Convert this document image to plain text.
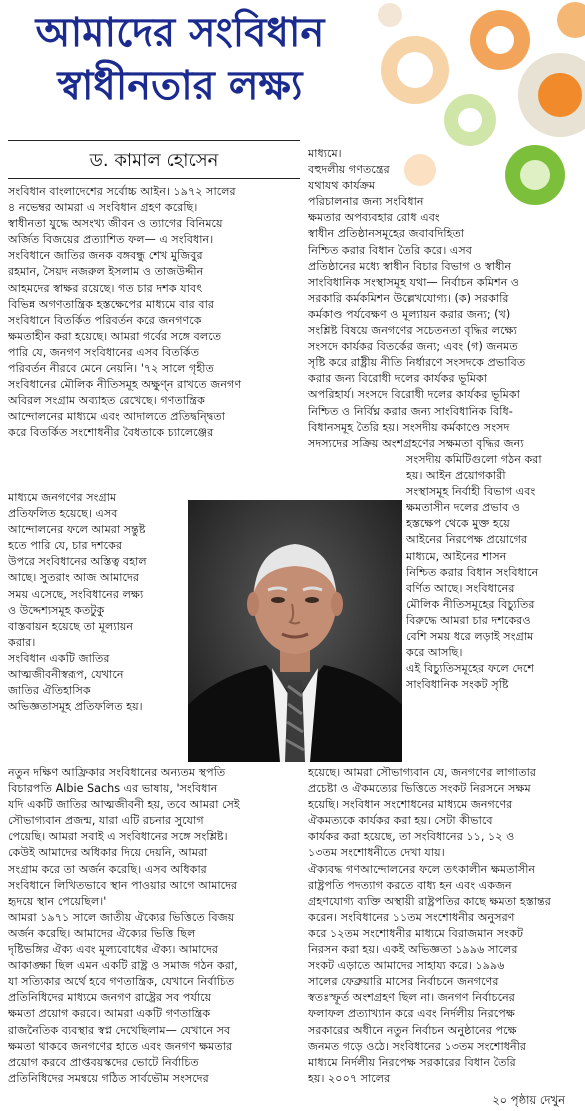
আমাদের সংবিধান
স্বাধীনতার লক্ষ্য
ড. কামাল হোসেন
সংবিধান বাংলাদেশের সর্বোচ্চ আইন। ১৯৭২ সালের
৪ নভেম্বর আমরা এ সংবিধান গ্রহণ করেছি।
স্বাধীনতা যুদ্ধে অসংখ্য জীবন ও ত্যাগের বিনিময়ে
অর্জিত বিজয়ের প্রত্যাশিত ফল— এ সংবিধান।
সংবিধানে জাতির জনক বঙ্গবন্ধু শেখ মুজিবুর
রহমান, সৈয়দ নজরুল ইসলাম ও তাজউদ্দীন
আহমদের স্বাক্ষর রয়েছে। গত চার দশক যাবৎ
বিভিন্ন অগণতান্ত্রিক হস্তক্ষেপের মাধ্যমে বার বার
সংবিধানে বিতর্কিত পরিবর্তন করে জনগণকে
ক্ষমতাহীন করা হয়েছে। আমরা গর্বের সঙ্গে বলতে
পারি যে, জনগণ সংবিধানের এসব বিতর্কিত
পরিবর্তন নীরবে মেনে নেয়নি। '৭২ সালে গৃহীত
সংবিধানের মৌলিক নীতিসমূহ অক্ষুণ্ন রাখতে জনগণ
অবিরল সংগ্রাম অব্যাহত রেখেছে। গণতান্ত্রিক
আন্দোলনের মাধ্যমে এবং আদালতে প্রতিদ্বন্দ্বিতা
করে বিতর্কিত সংশোধনীর বৈধতাকে চ্যালেঞ্জের
মাধ্যমে জনগণের সংগ্রাম
প্রতিফলিত হয়েছে। এসব
আন্দোলনের ফলে আমরা সন্তুষ্ট
হতে পারি যে, চার দশকের
উপরে সংবিধানের অস্তিত্ব বহাল
আছে। সুতরাং আজ আমাদের
সময় এসেছে, সংবিধানের লক্ষ্য
ও উদ্দেশ্যসমূহ কতটুকু
বাস্তবায়ন হয়েছে তা মূল্যায়ন
করার।
সংবিধান একটি জাতির
আত্মজীবনীস্বরূপ, যেখানে
জাতির ঐতিহাসিক
অভিজ্ঞতাসমূহ প্রতিফলিত হয়।
নতুন দক্ষিণ আফ্রিকার সংবিধানের অন্যতম স্থপতি
বিচারপতি Albie Sachs এর ভাষায়, 'সংবিধান
যদি একটি জাতির আত্মজীবনী হয়, তবে আমরা সেই
সৌভাগ্যবান প্রজন্ম, যারা এটি রচনার সুযোগ
পেয়েছি। আমরা সবাই এ সংবিধানের সঙ্গে সংশ্লিষ্ট।
কেউই আমাদের অধিকার দিয়ে দেয়নি, আমরা
সংগ্রাম করে তা অর্জন করেছি। এসব অধিকার
সংবিধানে লিখিতভাবে স্থান পাওয়ার আগে আমাদের
হৃদয়ে স্থান পেয়েছিল।'
আমরা ১৯৭১ সালে জাতীয় ঐক্যের ভিত্তিতে বিজয়
অর্জন করেছি। আমাদের ঐক্যের ভিত্তি ছিল
দৃষ্টিভঙ্গির ঐক্য এবং মূল্যবোধের ঐক্য। আমাদের
আকাঙ্ক্ষা ছিল এমন একটি রাষ্ট্র ও সমাজ গঠন করা,
যা সত্যিকার অর্থে হবে গণতান্ত্রিক, যেখানে নির্বাচিত
প্রতিনিধিদের মাধ্যমে জনগণ রাষ্ট্রের সব পর্যায়ে
ক্ষমতা প্রয়োগ করবে। আমরা একটি গণতান্ত্রিক
রাজনৈতিক ব্যবস্থার স্বপ্ন দেখেছিলাম— যেখানে সব
ক্ষমতা থাকবে জনগণের হাতে এবং জনগণ ক্ষমতার
প্রয়োগ করবে প্রাপ্তবয়স্কদের ভোটে নির্বাচিত
প্রতিনিধিদের সমন্বয়ে গঠিত সার্বভৌম সংসদের
মাধ্যমে।
বহুদলীয় গণতন্ত্রের
যথাযথ কার্যক্রম
পরিচালনার জন্য সংবিধান
ক্ষমতার অপব্যবহার রোধ এবং
স্বাধীন প্রতিষ্ঠানসমূহের জবাবদিহিতা
নিশ্চিত করার বিধান তৈরি করে। এসব
প্রতিষ্ঠানের মধ্যে স্বাধীন বিচার বিভাগ ও স্বাধীন
সাংবিধানিক সংস্থাসমূহ যথা— নির্বাচন কমিশন ও
সরকারি কর্মকমিশন উল্লেখযোগ্য। (ক) সরকারি
কর্মকাণ্ড পর্যবেক্ষণ ও মূল্যায়ন করার জন্য; (খ)
সংশ্লিষ্ট বিষয়ে জনগণের সচেতনতা বৃদ্ধির লক্ষ্যে
সংসদে কার্যকর বিতর্কের জন্য; এবং (গ) জনমত
সৃষ্টি করে রাষ্ট্রীয় নীতি নির্ধারণে সংসদকে প্রভাবিত
করার জন্য বিরোধী দলের কার্যকর ভূমিকা
অপরিহার্য। সংসদে বিরোধী দলের কার্যকর ভূমিকা
নিশ্চিত ও নির্বিঘ্ন করার জন্য সাংবিধানিক বিধি-
বিধানসমূহ তৈরি হয়। সংসদীয় কর্মকাণ্ডে সংসদ
সদস্যদের সক্রিয় অংশগ্রহণের সক্ষমতা বৃদ্ধির জন্য
সংসদীয় কমিটিগুলো গঠন করা
হয়। আইন প্রয়োগকারী
সংস্থাসমূহ নির্বাহী বিভাগ এবং
ক্ষমতাসীন দলের প্রভাব ও
হস্তক্ষেপ থেকে মুক্ত হয়ে
আইনের নিরপেক্ষ প্রয়োগের
মাধ্যমে, আইনের শাসন
নিশ্চিত করার বিধান সংবিধানে
বর্ণিত আছে। সংবিধানের
মৌলিক নীতিসমূহের বিচ্যুতির
বিরুদ্ধে আমরা চার দশকেরও
বেশি সময় ধরে লড়াই সংগ্রাম
করে আসছি।
এই বিচ্যুতিসমূহের ফলে দেশে
সাংবিধানিক সংকট সৃষ্টি
হয়েছে। আমরা সৌভাগ্যবান যে, জনগণের লাগাতার
প্রচেষ্টা ও ঐকমত্যের ভিত্তিতে সংকট নিরসনে সক্ষম
হয়েছি। সংবিধান সংশোধনের মাধ্যমে জনগণের
ঐকমত্যকে কার্যকর করা হয়। সেটা কীভাবে
কার্যকর করা হয়েছে, তা সংবিধানের ১১, ১২ ও
১৩তম সংশোধনীতে দেখা যায়।
ঐক্যবদ্ধ গণআন্দোলনের ফলে তৎকালীন ক্ষমতাসীন
রাষ্ট্রপতি পদত্যাগ করতে বাধ্য হন এবং একজন
গ্রহণযোগ্য ব্যক্তি অস্থায়ী রাষ্ট্রপতির কাছে ক্ষমতা হস্তান্তর
করেন। সংবিধানের ১১তম সংশোধনীর অনুসরণ
করে ১২তম সংশোধনীর মাধ্যমে বিরাজমান সংকট
নিরসন করা হয়। একই অভিজ্ঞতা ১৯৯৬ সালের
সংকট এড়াতে আমাদের সাহায্য করে। ১৯৯৬
সালের ফেব্রুয়ারি মাসের নির্বাচনে জনগণের
স্বতঃস্ফূর্ত অংশগ্রহণ ছিল না। জনগণ নির্বাচনের
ফলাফল প্রত্যাখ্যান করে এবং নির্দলীয় নিরপেক্ষ
সরকারের অধীনে নতুন নির্বাচন অনুষ্ঠানের পক্ষে
জনমত গড়ে ওঠে। সংবিধানের ১৩তম সংশোধনীর
মাধ্যমে নির্দলীয় নিরপেক্ষ সরকারের বিধান তৈরি
হয়। ২০০৭ সালের
২০ পৃষ্ঠায় দেখুন
